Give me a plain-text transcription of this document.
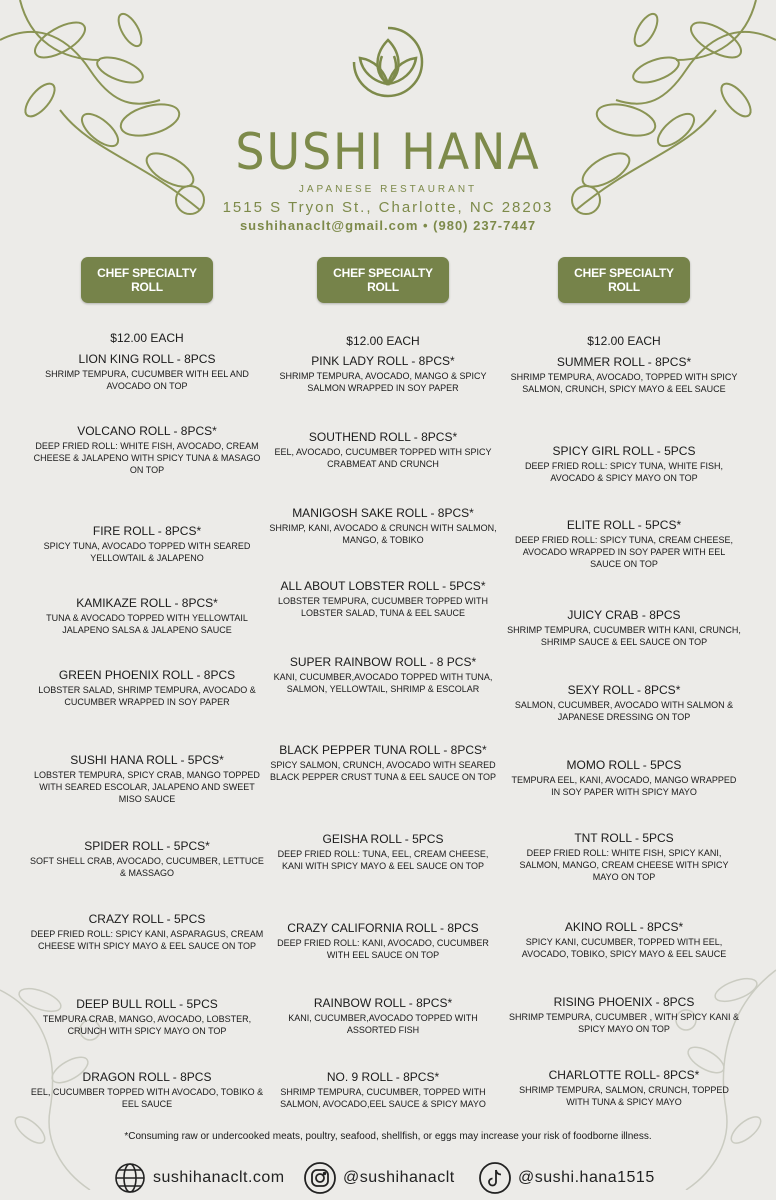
SUSHI HANA
JAPANESE RESTAURANT
1515 S Tryon St., Charlotte, NC 28203
sushihanaclt@gmail.com • (980) 237-7447
CHEF SPECIALTY ROLL
$12.00 EACH
CHEF SPECIALTY ROLL
$12.00 EACH
CHEF SPECIALTY ROLL
$12.00 EACH
LION KING ROLL - 8PCS
SHRIMP TEMPURA, CUCUMBER WITH EEL AND AVOCADO ON TOP
VOLCANO ROLL - 8PCS*
DEEP FRIED ROLL: WHITE FISH, AVOCADO, CREAM CHEESE & JALAPENO WITH SPICY TUNA & MASAGO ON TOP
FIRE ROLL - 8PCS*
SPICY TUNA, AVOCADO TOPPED WITH SEARED YELLOWTAIL & JALAPENO
KAMIKAZE ROLL - 8PCS*
TUNA & AVOCADO TOPPED WITH YELLOWTAIL JALAPENO SALSA & JALAPENO SAUCE
GREEN PHOENIX ROLL - 8PCS
LOBSTER SALAD, SHRIMP TEMPURA, AVOCADO & CUCUMBER WRAPPED IN SOY PAPER
SUSHI HANA ROLL - 5PCS*
LOBSTER TEMPURA, SPICY CRAB, MANGO TOPPED WITH SEARED ESCOLAR, JALAPENO AND SWEET MISO SAUCE
SPIDER ROLL - 5PCS*
SOFT SHELL CRAB, AVOCADO, CUCUMBER, LETTUCE & MASSAGO
CRAZY ROLL - 5PCS
DEEP FRIED ROLL: SPICY KANI, ASPARAGUS, CREAM CHEESE WITH SPICY MAYO & EEL SAUCE ON TOP
DEEP BULL ROLL - 5PCS
TEMPURA CRAB, MANGO, AVOCADO, LOBSTER, CRUNCH WITH SPICY MAYO ON TOP
DRAGON ROLL - 8PCS
EEL, CUCUMBER TOPPED WITH AVOCADO, TOBIKO & EEL SAUCE
PINK LADY ROLL - 8PCS*
SHRIMP TEMPURA, AVOCADO, MANGO & SPICY SALMON WRAPPED IN SOY PAPER
SOUTHEND ROLL - 8PCS*
EEL, AVOCADO, CUCUMBER TOPPED WITH SPICY CRABMEAT AND CRUNCH
MANIGOSH SAKE ROLL - 8PCS*
SHRIMP, KANI, AVOCADO & CRUNCH WITH SALMON, MANGO, & TOBIKO
ALL ABOUT LOBSTER ROLL - 5PCS*
LOBSTER TEMPURA, CUCUMBER TOPPED WITH LOBSTER SALAD, TUNA & EEL SAUCE
SUPER RAINBOW ROLL - 8 PCS*
KANI, CUCUMBER,AVOCADO TOPPED WITH TUNA, SALMON, YELLOWTAIL, SHRIMP & ESCOLAR
BLACK PEPPER TUNA ROLL - 8PCS*
SPICY SALMON, CRUNCH, AVOCADO WITH SEARED BLACK PEPPER CRUST TUNA & EEL SAUCE ON TOP
GEISHA ROLL - 5PCS
DEEP FRIED ROLL: TUNA, EEL, CREAM CHEESE, KANI WITH SPICY MAYO & EEL SAUCE ON TOP
CRAZY CALIFORNIA ROLL - 8PCS
DEEP FRIED ROLL: KANI, AVOCADO, CUCUMBER WITH EEL SAUCE ON TOP
RAINBOW ROLL - 8PCS*
KANI, CUCUMBER,AVOCADO TOPPED WITH ASSORTED FISH
NO. 9 ROLL - 8PCS*
SHRIMP TEMPURA, CUCUMBER, TOPPED WITH SALMON, AVOCADO,EEL SAUCE & SPICY MAYO
SUMMER ROLL - 8PCS*
SHRIMP TEMPURA, AVOCADO, TOPPED WITH SPICY SALMON, CRUNCH, SPICY MAYO & EEL SAUCE
SPICY GIRL ROLL - 5PCS
DEEP FRIED ROLL: SPICY TUNA, WHITE FISH, AVOCADO & SPICY MAYO ON TOP
ELITE ROLL - 5PCS*
DEEP FRIED ROLL: SPICY TUNA, CREAM CHEESE, AVOCADO WRAPPED IN SOY PAPER WITH EEL SAUCE ON TOP
JUICY CRAB - 8PCS
SHRIMP TEMPURA, CUCUMBER WITH KANI, CRUNCH, SHRIMP SAUCE & EEL SAUCE ON TOP
SEXY ROLL - 8PCS*
SALMON, CUCUMBER, AVOCADO WITH SALMON & JAPANESE DRESSING ON TOP
MOMO ROLL - 5PCS
TEMPURA EEL, KANI, AVOCADO, MANGO WRAPPED IN SOY PAPER WITH SPICY MAYO
TNT ROLL - 5PCS
DEEP FRIED ROLL: WHITE FISH, SPICY KANI, SALMON, MANGO, CREAM CHEESE WITH SPICY MAYO ON TOP
AKINO ROLL - 8PCS*
SPICY KANI, CUCUMBER, TOPPED WITH EEL, AVOCADO, TOBIKO, SPICY MAYO & EEL SAUCE
RISING PHOENIX - 8PCS
SHRIMP TEMPURA, CUCUMBER , WITH SPICY KANI & SPICY MAYO ON TOP
CHARLOTTE ROLL- 8PCS*
SHRIMP TEMPURA, SALMON, CRUNCH, TOPPED WITH TUNA & SPICY MAYO
*Consuming raw or undercooked meats, poultry, seafood, shellfish, or eggs may increase your risk of foodborne illness.
sushihanaclt.com	@sushihanaclt	@sushi.hana1515
